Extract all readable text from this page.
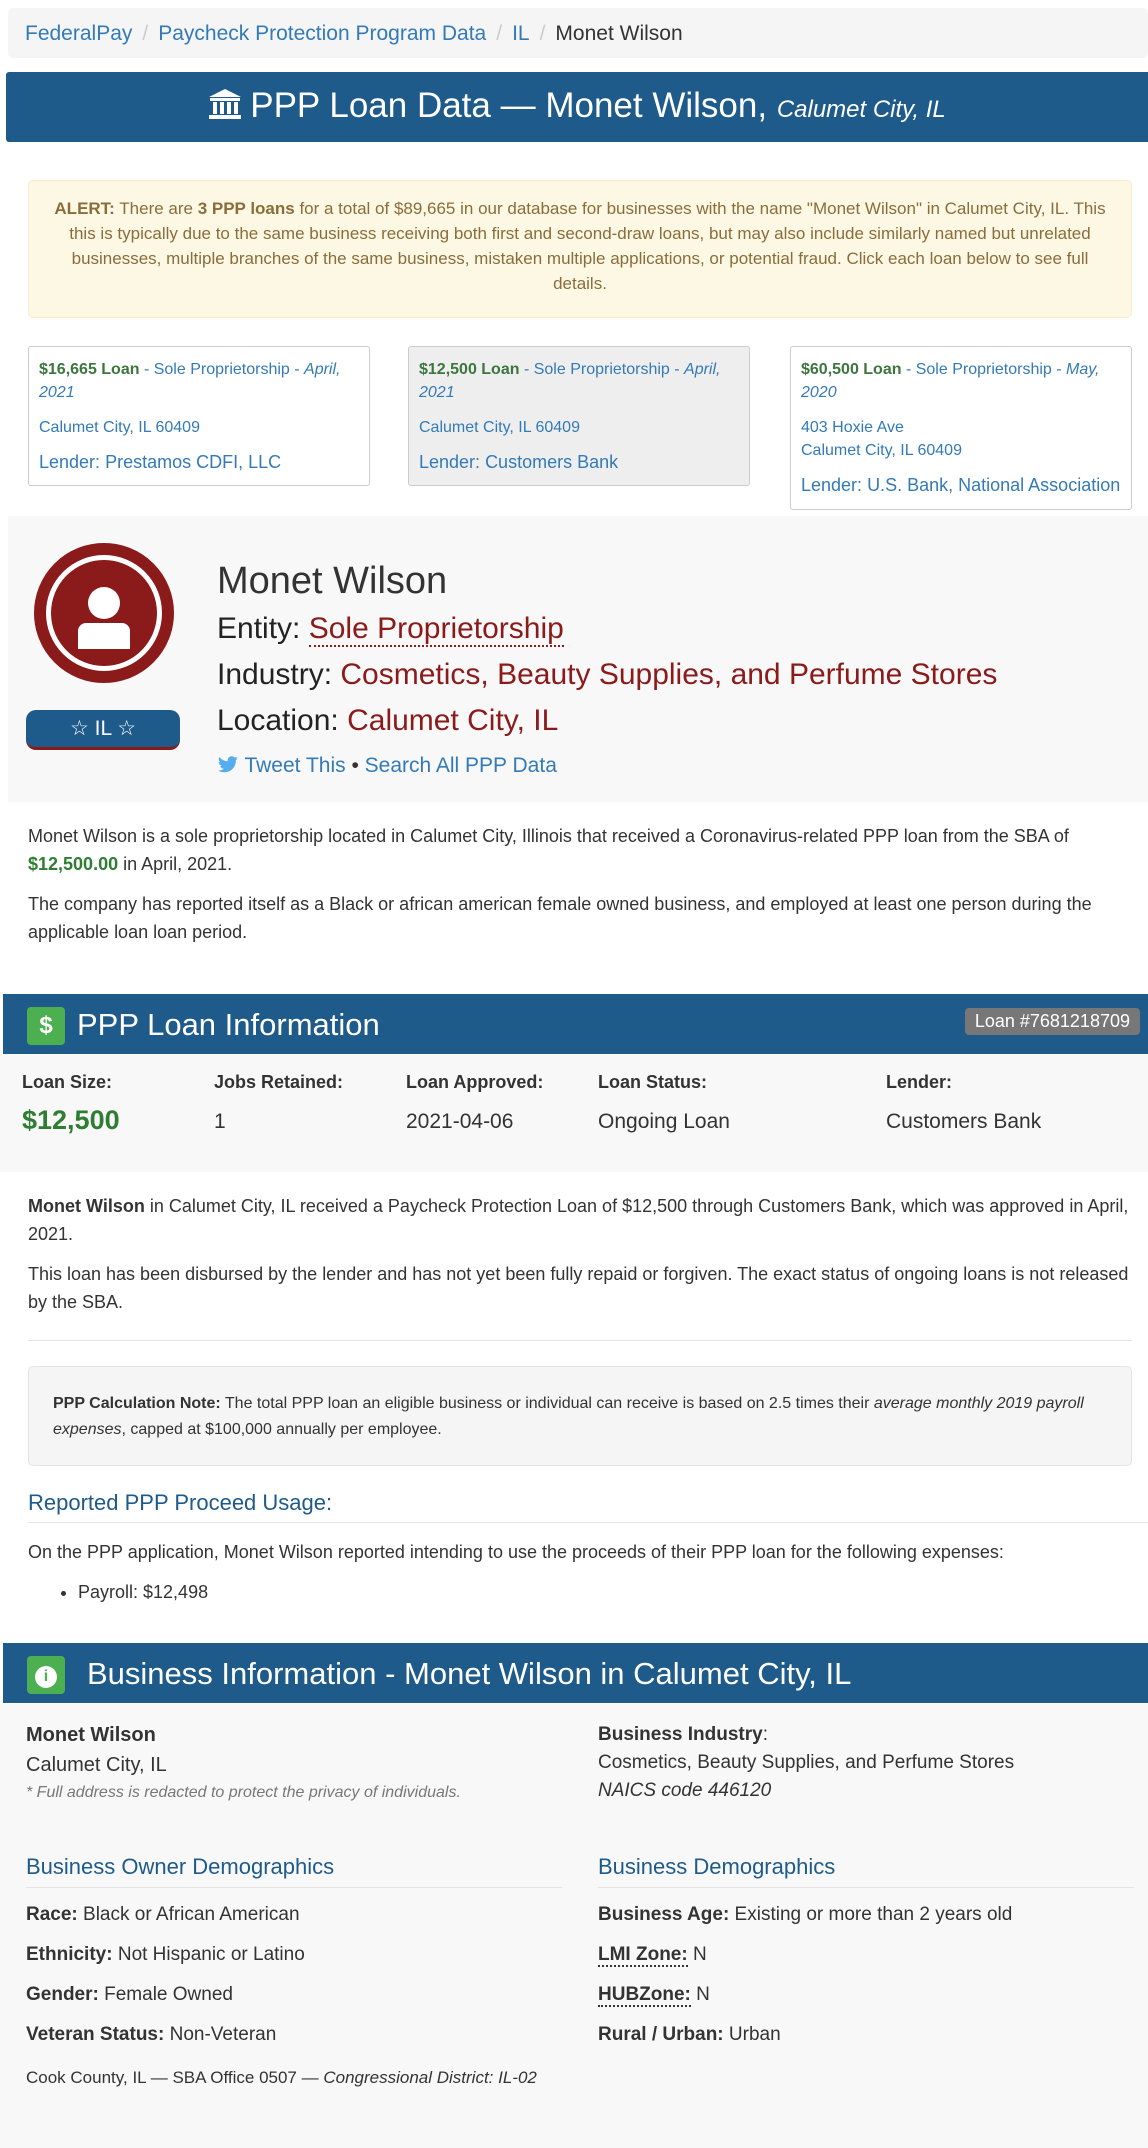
FederalPay / Paycheck Protection Program Data / IL / Monet Wilson
PPP Loan Data — Monet Wilson, Calumet City, IL
ALERT: There are 3 PPP loans for a total of $89,665 in our database for businesses with the name "Monet Wilson" in Calumet City, IL. This this is typically due to the same business receiving both first and second-draw loans, but may also include similarly named but unrelated businesses, multiple branches of the same business, mistaken multiple applications, or potential fraud. Click each loan below to see full details.
$16,665 Loan - Sole Proprietorship - April, 2021
Calumet City, IL 60409
Lender: Prestamos CDFI, LLC
$12,500 Loan - Sole Proprietorship - April, 2021
Calumet City, IL 60409
Lender: Customers Bank
$60,500 Loan - Sole Proprietorship - May, 2020
403 Hoxie Ave
Calumet City, IL 60409
Lender: U.S. Bank, National Association
☆ IL ☆
Monet Wilson
Entity: Sole Proprietorship
Industry: Cosmetics, Beauty Supplies, and Perfume Stores
Location: Calumet City, IL
Tweet This • Search All PPP Data
Monet Wilson is a sole proprietorship located in Calumet City, Illinois that received a Coronavirus-related PPP loan from the SBA of $12,500.00 in April, 2021.
The company has reported itself as a Black or african american female owned business, and employed at least one person during the applicable loan loan period.
$ PPP Loan Information	Loan #7681218709
Loan Size:
$12,500
Jobs Retained:
1
Loan Approved:
2021-04-06
Loan Status:
Ongoing Loan
Lender:
Customers Bank
Monet Wilson in Calumet City, IL received a Paycheck Protection Loan of $12,500 through Customers Bank, which was approved in April, 2021.
This loan has been disbursed by the lender and has not yet been fully repaid or forgiven. The exact status of ongoing loans is not released by the SBA.
PPP Calculation Note: The total PPP loan an eligible business or individual can receive is based on 2.5 times their average monthly 2019 payroll expenses, capped at $100,000 annually per employee.
Reported PPP Proceed Usage:
On the PPP application, Monet Wilson reported intending to use the proceeds of their PPP loan for the following expenses:
• Payroll: $12,498
i	Business Information - Monet Wilson in Calumet City, IL
Monet Wilson
Calumet City, IL
* Full address is redacted to protect the privacy of individuals.
Business Industry:
Cosmetics, Beauty Supplies, and Perfume Stores
NAICS code 446120
Business Owner Demographics
Race: Black or African American
Ethnicity: Not Hispanic or Latino
Gender: Female Owned
Veteran Status: Non-Veteran
Business Demographics
Business Age: Existing or more than 2 years old
LMI Zone: N
HUBZone: N
Rural / Urban: Urban
Cook County, IL — SBA Office 0507 — Congressional District: IL-02
